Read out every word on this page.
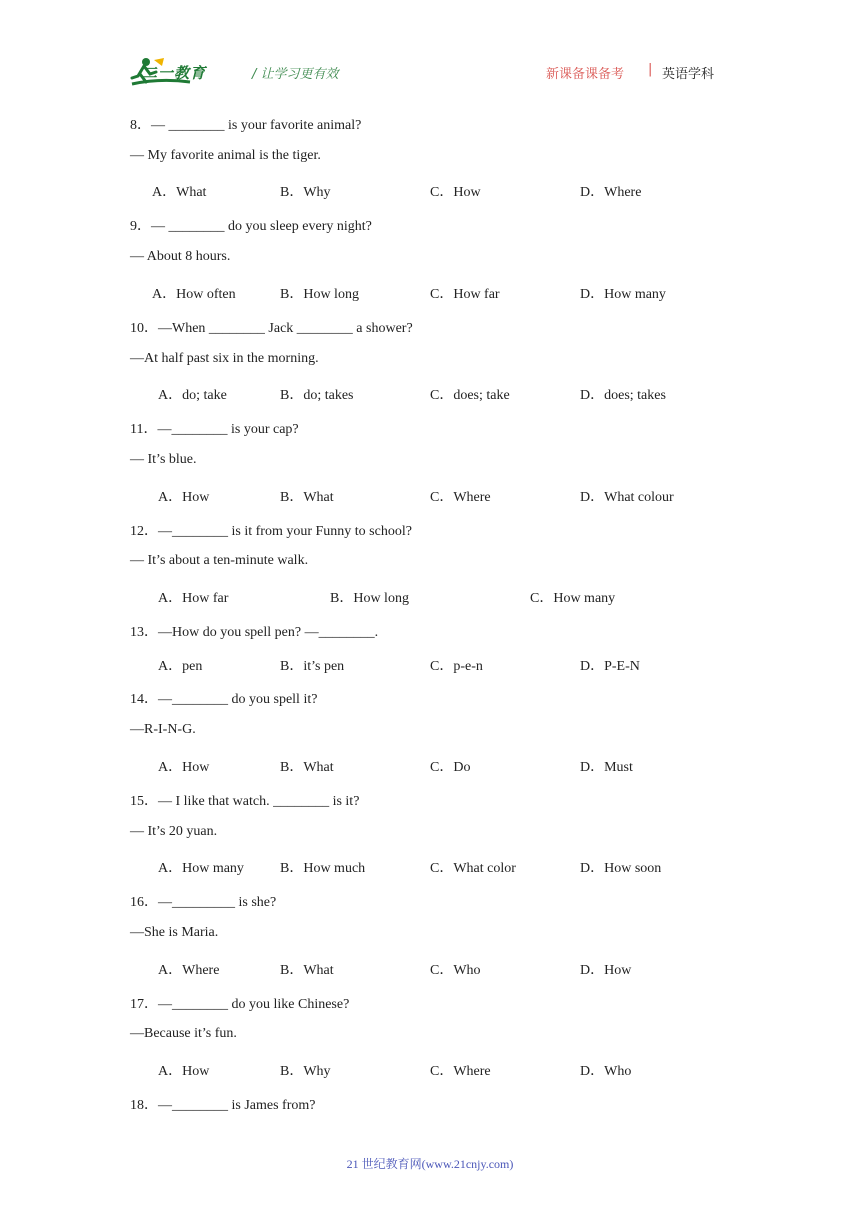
二一教育	/ 让学习更有效	新课备课备考 | 英语学科
8．— ________ is your favorite animal?
— My favorite animal is the tiger.
A．What	B．Why	C．How	D．Where
9．— ________ do you sleep every night?
— About 8 hours.
A．How often	B．How long	C．How far	D．How many
10．—When ________ Jack ________ a shower?
—At half past six in the morning.
A．do; take	B．do; takes	C．does; take	D．does; takes
11．—________ is your cap?
— It’s blue.
A．How	B．What	C．Where	D．What colour
12．—________ is it from your Funny to school?
— It’s about a ten-minute walk.
A．How far	B．How long	C．How many
13．—How do you spell pen? —________.
A．pen	B．it’s pen	C．p-e-n	D．P-E-N
14．—________ do you spell it?
—R-I-N-G.
A．How	B．What	C．Do	D．Must
15．— I like that watch. ________ is it?
— It’s 20 yuan.
A．How many	B．How much	C．What color	D．How soon
16．—_________ is she?
—She is Maria.
A．Where	B．What	C．Who	D．How
17．—________ do you like Chinese?
—Because it’s fun.
A．How	B．Why	C．Where	D．Who
18．—________ is James from?
21 世纪教育网(www.21cnjy.com)
